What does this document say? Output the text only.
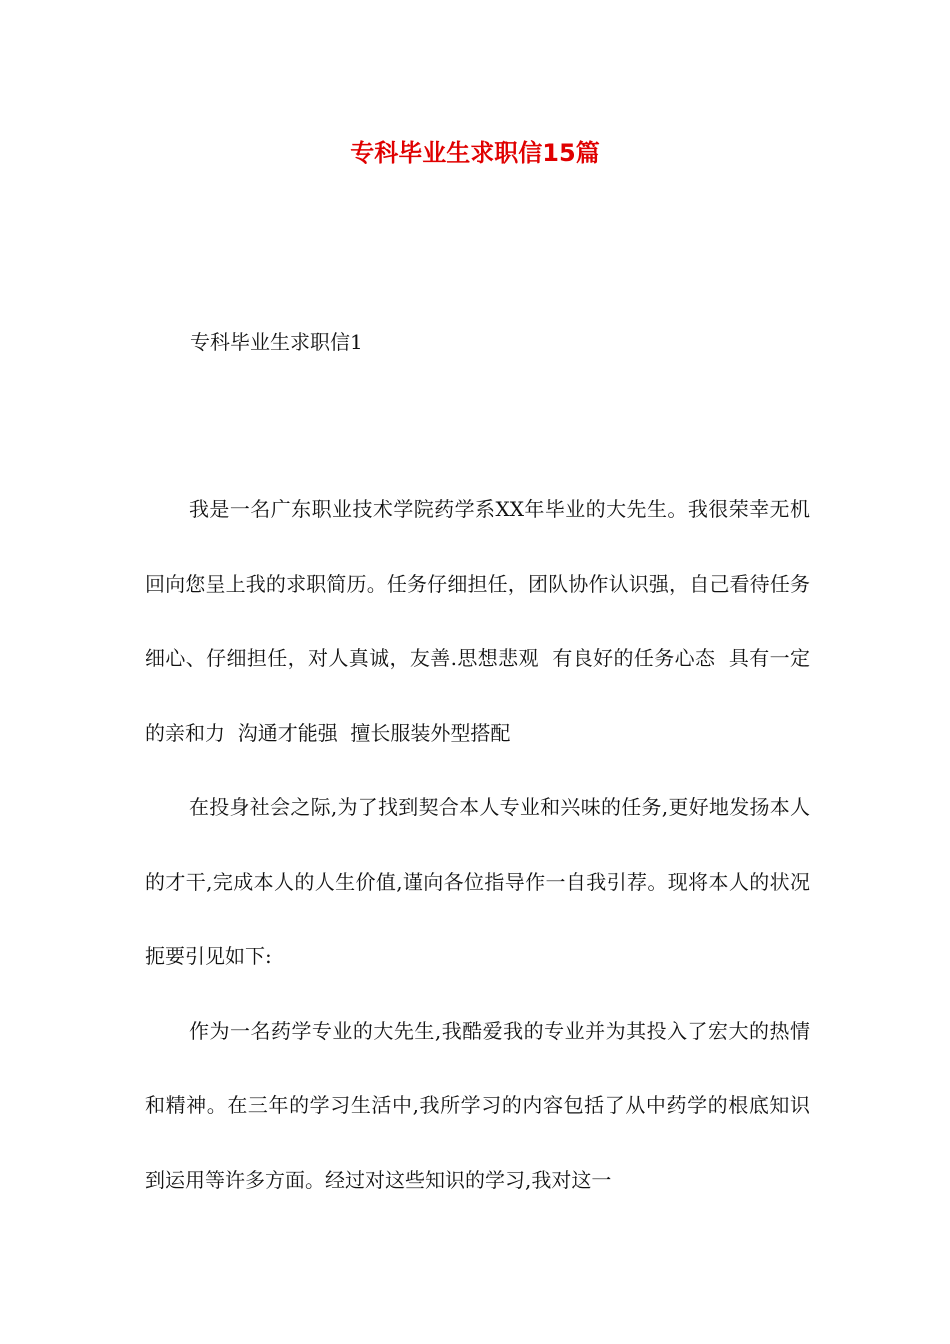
专科毕业生求职信15篇
专科毕业生求职信1

我是一名广东职业技术学院药学系XX年毕业的大先生。我很荣幸无机回向您呈上我的求职简历。任务仔细担任，团队协作认识强，自己看待任务细心、仔细担任，对人真诚，友善.思想悲观  有良好的任务心态  具有一定的亲和力  沟通才能强  擅长服装外型搭配

在投身社会之际,为了找到契合本人专业和兴味的任务,更好地发扬本人的才干,完成本人的人生价值,谨向各位指导作一自我引荐。现将本人的状况扼要引见如下:

作为一名药学专业的大先生,我酷爱我的专业并为其投入了宏大的热情和精神。在三年的学习生活中,我所学习的内容包括了从中药学的根底知识到运用等许多方面。经过对这些知识的学习,我对这一
